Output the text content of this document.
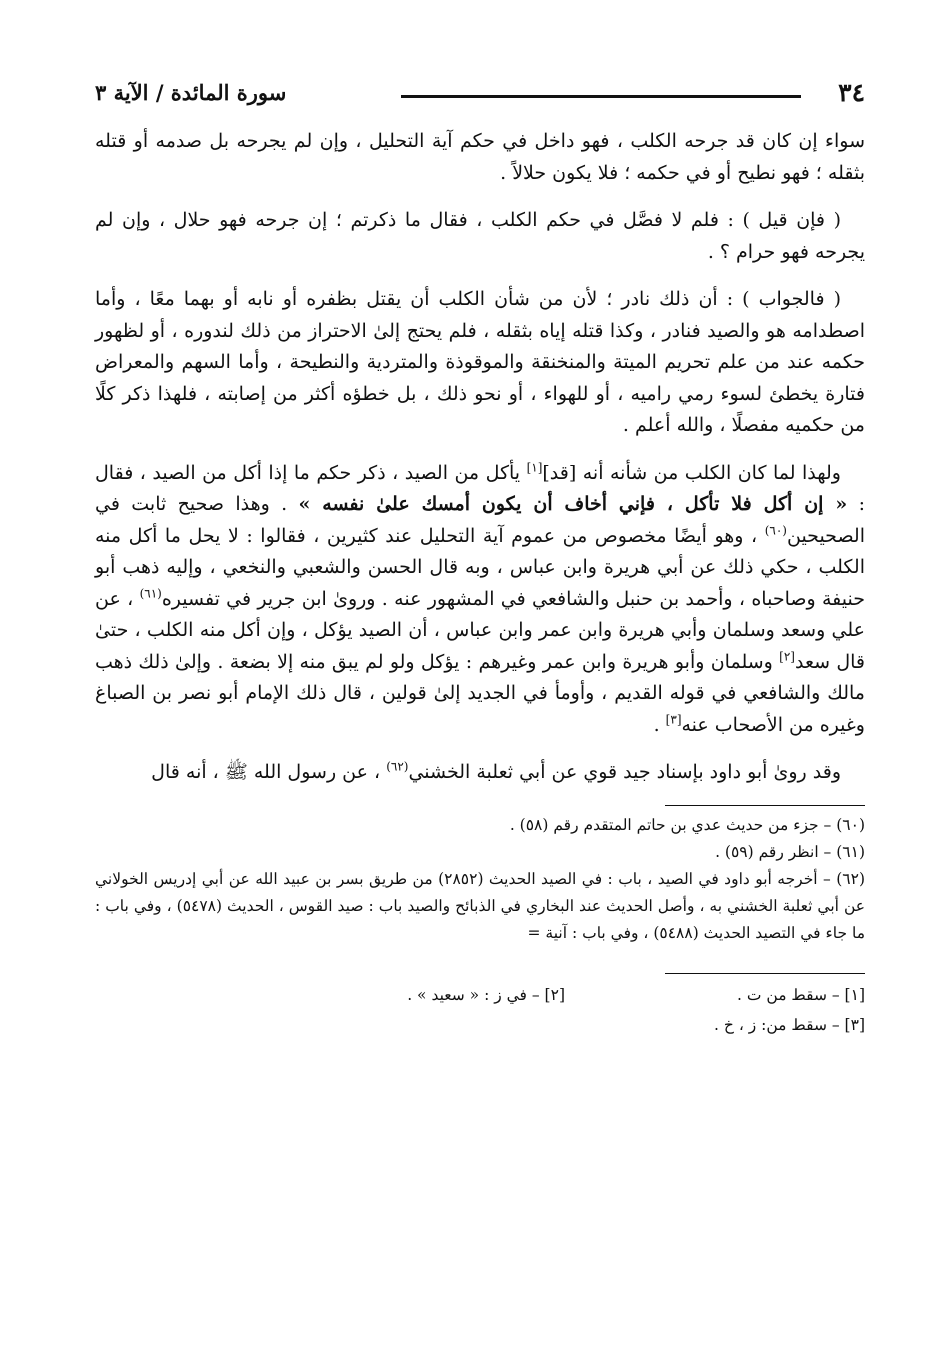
٣٤
سورة المائدة / الآية ٣

سواء إن كان قد جرحه الكلب ، فهو داخل في حكم آية التحليل ، وإن لم يجرحه بل صدمه أو قتله بثقله ؛ فهو نطيح أو في حكمه ؛ فلا يكون حلالاً .

( فإن قيل ) : فلم لا فصَّل في حكم الكلب ، فقال ما ذكرتم ؛ إن جرحه فهو حلال ، وإن لم يجرحه فهو حرام ؟ .

( فالجواب ) : أن ذلك نادر ؛ لأن من شأن الكلب أن يقتل بظفره أو نابه أو بهما معًا ، وأما اصطدامه هو والصيد فنادر ، وكذا قتله إياه بثقله ، فلم يحتج إلىٰ الاحتراز من ذلك لندوره ، أو لظهور حكمه عند من علم تحريم الميتة والمنخنقة والموقوذة والمتردية والنطيحة ، وأما السهم والمعراض فتارة يخطئ لسوء رمي راميه ، أو للهواء ، أو نحو ذلك ، بل خطؤه أكثر من إصابته ، فلهذا ذكر كلًا من حكميه مفصلًا ، والله أعلم .

ولهذا لما كان الكلب من شأنه أنه [قد][١] يأكل من الصيد ، ذكر حكم ما إذا أكل من الصيد ، فقال : « إن أكل فلا تأكل ، فإني أخاف أن يكون أمسك علىٰ نفسه » . وهذا صحيح ثابت في الصحيحين$^{(٦٠)}$ ، وهو أيضًا مخصوص من عموم آية التحليل عند كثيرين ، فقالوا : لا يحل ما أكل منه الكلب ، حكي ذلك عن أبي هريرة وابن عباس ، وبه قال الحسن والشعبي والنخعي ، وإليه ذهب أبو حنيفة وصاحباه ، وأحمد بن حنبل والشافعي في المشهور عنه . وروىٰ ابن جرير في تفسيره$^{(٦١)}$ ، عن علي وسعد وسلمان وأبي هريرة وابن عمر وابن عباس ، أن الصيد يؤكل ، وإن أكل منه الكلب ، حتىٰ قال سعد[٢] وسلمان وأبو هريرة وابن عمر وغيرهم : يؤكل ولو لم يبق منه إلا بضعة . وإلىٰ ذلك ذهب مالك والشافعي في قوله القديم ، وأومأ في الجديد إلىٰ قولين ، قال ذلك الإمام أبو نصر بن الصباغ وغيره من الأصحاب عنه[٣] .

وقد روىٰ أبو داود بإسناد جيد قوي عن أبي ثعلبة الخشني$^{(٦٢)}$ ، عن رسول الله ﷺ ، أنه قال

(٦٠) – جزء من حديث عدي بن حاتم المتقدم رقم (٥٨) .

(٦١) – انظر رقم (٥٩) .

(٦٢) – أخرجه أبو داود في الصيد ، باب : في الصيد الحديث (٢٨٥٢) من طريق بسر بن عبيد الله عن أبي إدريس الخولاني عن أبي ثعلبة الخشني به ، وأصل الحديث عند البخاري في الذبائح والصيد باب : صيد القوس ، الحديث (٥٤٧٨) ، وفي باب : ما جاء في التصيد الحديث (٥٤٨٨) ، وفي باب : آنية =

[١] – سقط من ت .
[٢] – في ز : « سعيد » .
[٣] – سقط من: ز ، خ .
